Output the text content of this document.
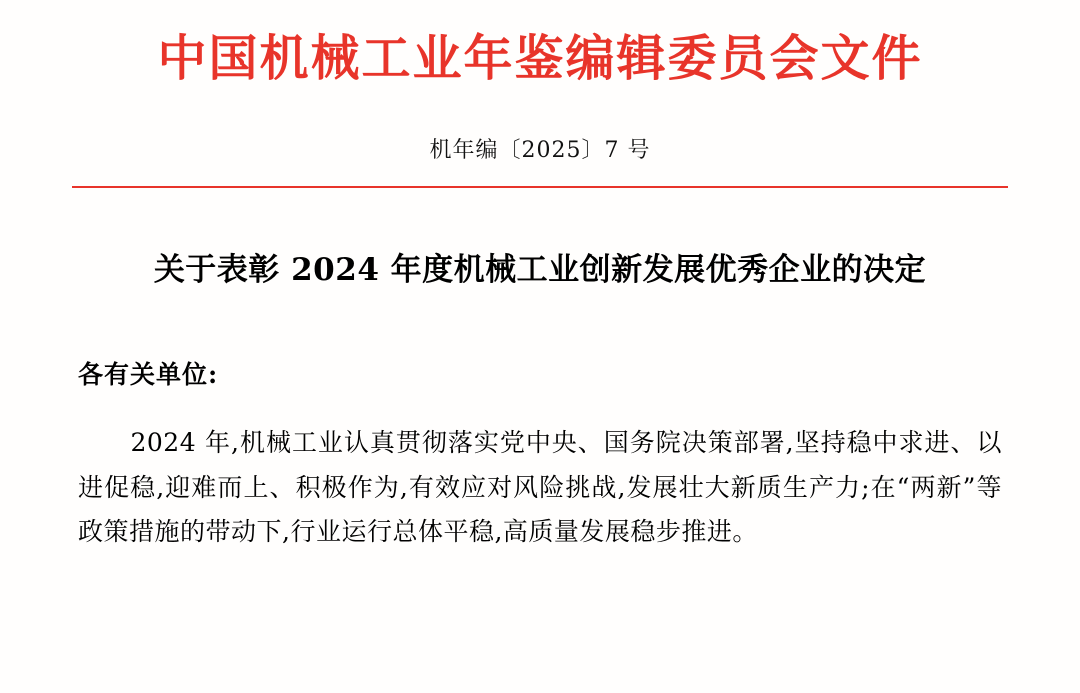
中国机械工业年鉴编辑委员会文件
机年编〔2025〕7 号
关于表彰 2024 年度机械工业创新发展优秀企业的决定
各有关单位:
2024 年,机械工业认真贯彻落实党中央、国务院决策部署,坚持稳中求进、以进促稳,迎难而上、积极作为,有效应对风险挑战,发展壮大新质生产力;在“两新”等政策措施的带动下,行业运行总体平稳,高质量发展稳步推进。
